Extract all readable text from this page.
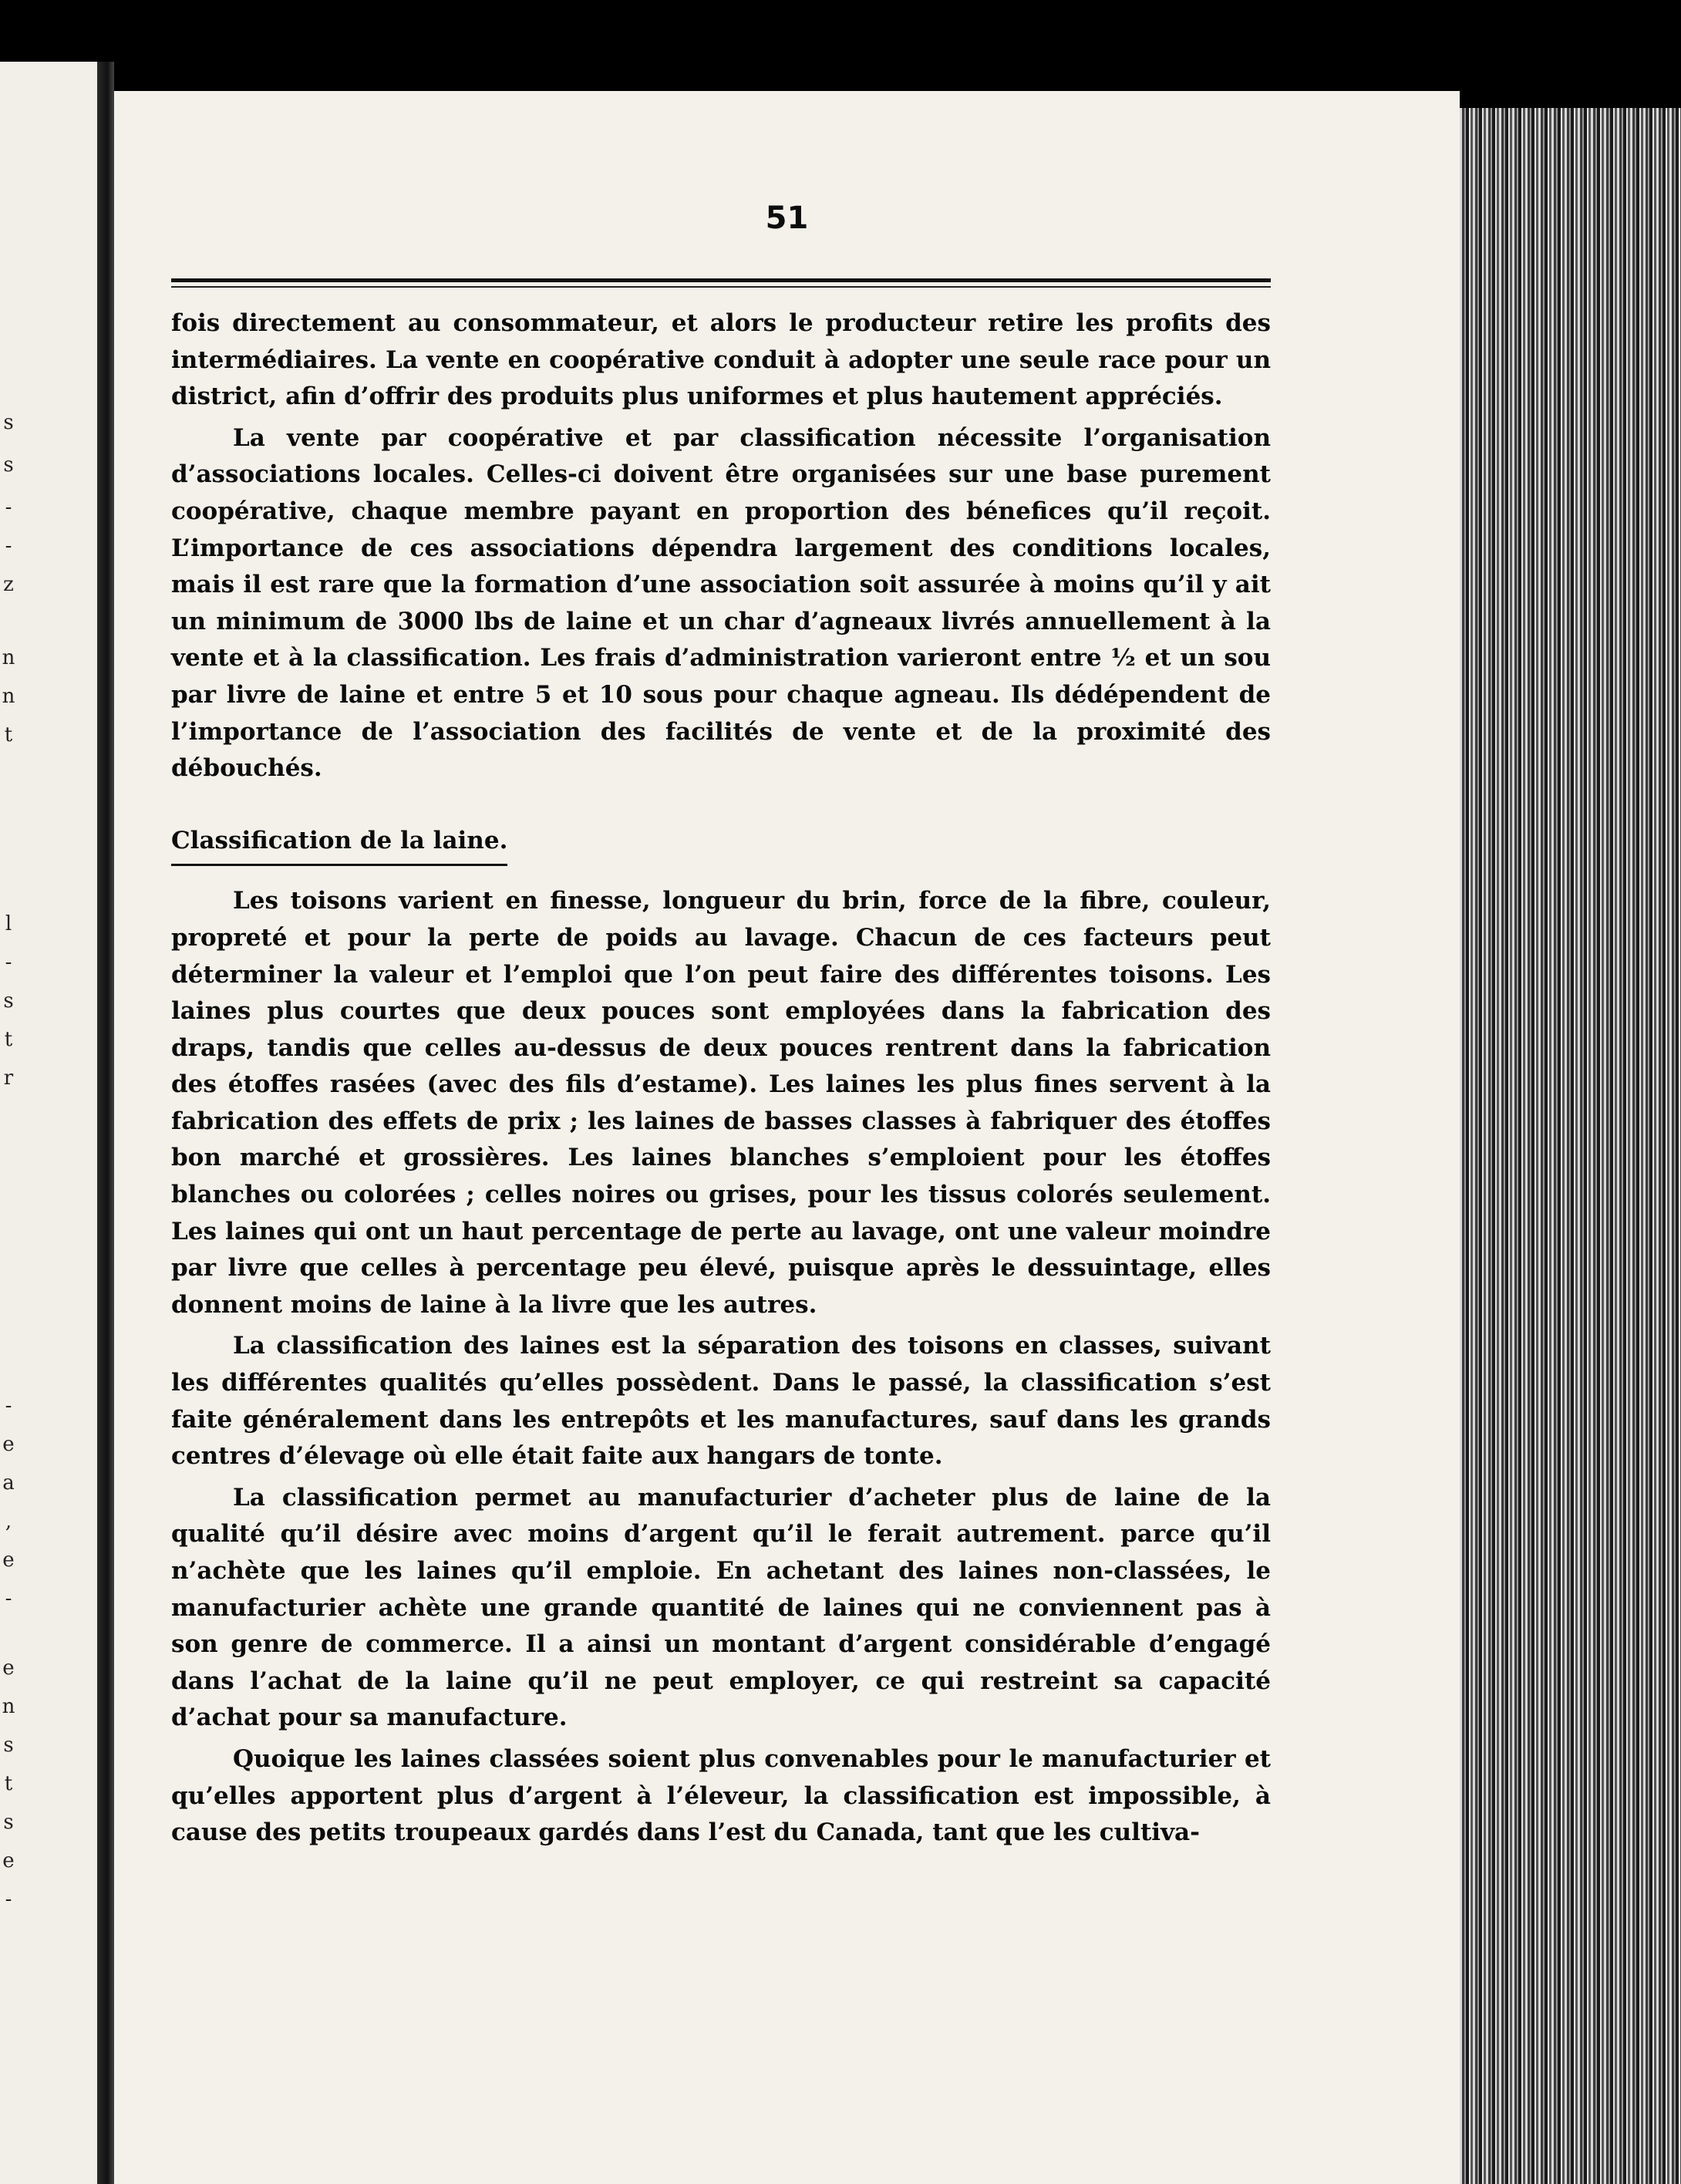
s
s
-
-
z
n
n
t
l
-
s
t
r
-
e
a
,
e
-
e
n
s
t
s
e
-
51

fois directement au consommateur, et alors le producteur retire les profits des intermédiaires. La vente en coopérative conduit à adopter une seule race pour un district, afin d’offrir des produits plus uniformes et plus hautement appréciés.

La vente par coopérative et par classification nécessite l’organisation d’associations locales. Celles-ci doivent être organisées sur une base purement coopérative, chaque membre payant en proportion des bénefices qu’il reçoit. L’importance de ces associations dépendra largement des conditions locales, mais il est rare que la formation d’une association soit assurée à moins qu’il y ait un minimum de 3000 lbs de laine et un char d’agneaux livrés annuellement à la vente et à la classification. Les frais d’administration varieront entre ½ et un sou par livre de laine et entre 5 et 10 sous pour chaque agneau. Ils dédépendent de l’importance de l’association des facilités de vente et de la proximité des débouchés.

Classification de la laine.

Les toisons varient en finesse, longueur du brin, force de la fibre, couleur, propreté et pour la perte de poids au lavage. Chacun de ces facteurs peut déterminer la valeur et l’emploi que l’on peut faire des différentes toisons. Les laines plus courtes que deux pouces sont employées dans la fabrication des draps, tandis que celles au-dessus de deux pouces rentrent dans la fabrication des étoffes rasées (avec des fils d’estame). Les laines les plus fines servent à la fabrication des effets de prix ; les laines de basses classes à fabriquer des étoffes bon marché et grossières. Les laines blanches s’emploient pour les étoffes blanches ou colorées ; celles noires ou grises, pour les tissus colorés seulement. Les laines qui ont un haut percentage de perte au lavage, ont une valeur moindre par livre que celles à percentage peu élevé, puisque après le dessuintage, elles donnent moins de laine à la livre que les autres.

La classification des laines est la séparation des toisons en classes, suivant les différentes qualités qu’elles possèdent. Dans le passé, la classification s’est faite généralement dans les entrepôts et les manufactures, sauf dans les grands centres d’élevage où elle était faite aux hangars de tonte.

La classification permet au manufacturier d’acheter plus de laine de la qualité qu’il désire avec moins d’argent qu’il le ferait autrement. parce qu’il n’achète que les laines qu’il emploie. En achetant des laines non-classées, le manufacturier achète une grande quantité de laines qui ne conviennent pas à son genre de commerce. Il a ainsi un montant d’argent considérable d’engagé dans l’achat de la laine qu’il ne peut employer, ce qui restreint sa capacité d’achat pour sa manufacture.

Quoique les laines classées soient plus convenables pour le manufacturier et qu’elles apportent plus d’argent à l’éleveur, la classification est impossible, à cause des petits troupeaux gardés dans l’est du Canada, tant que les cultiva-
